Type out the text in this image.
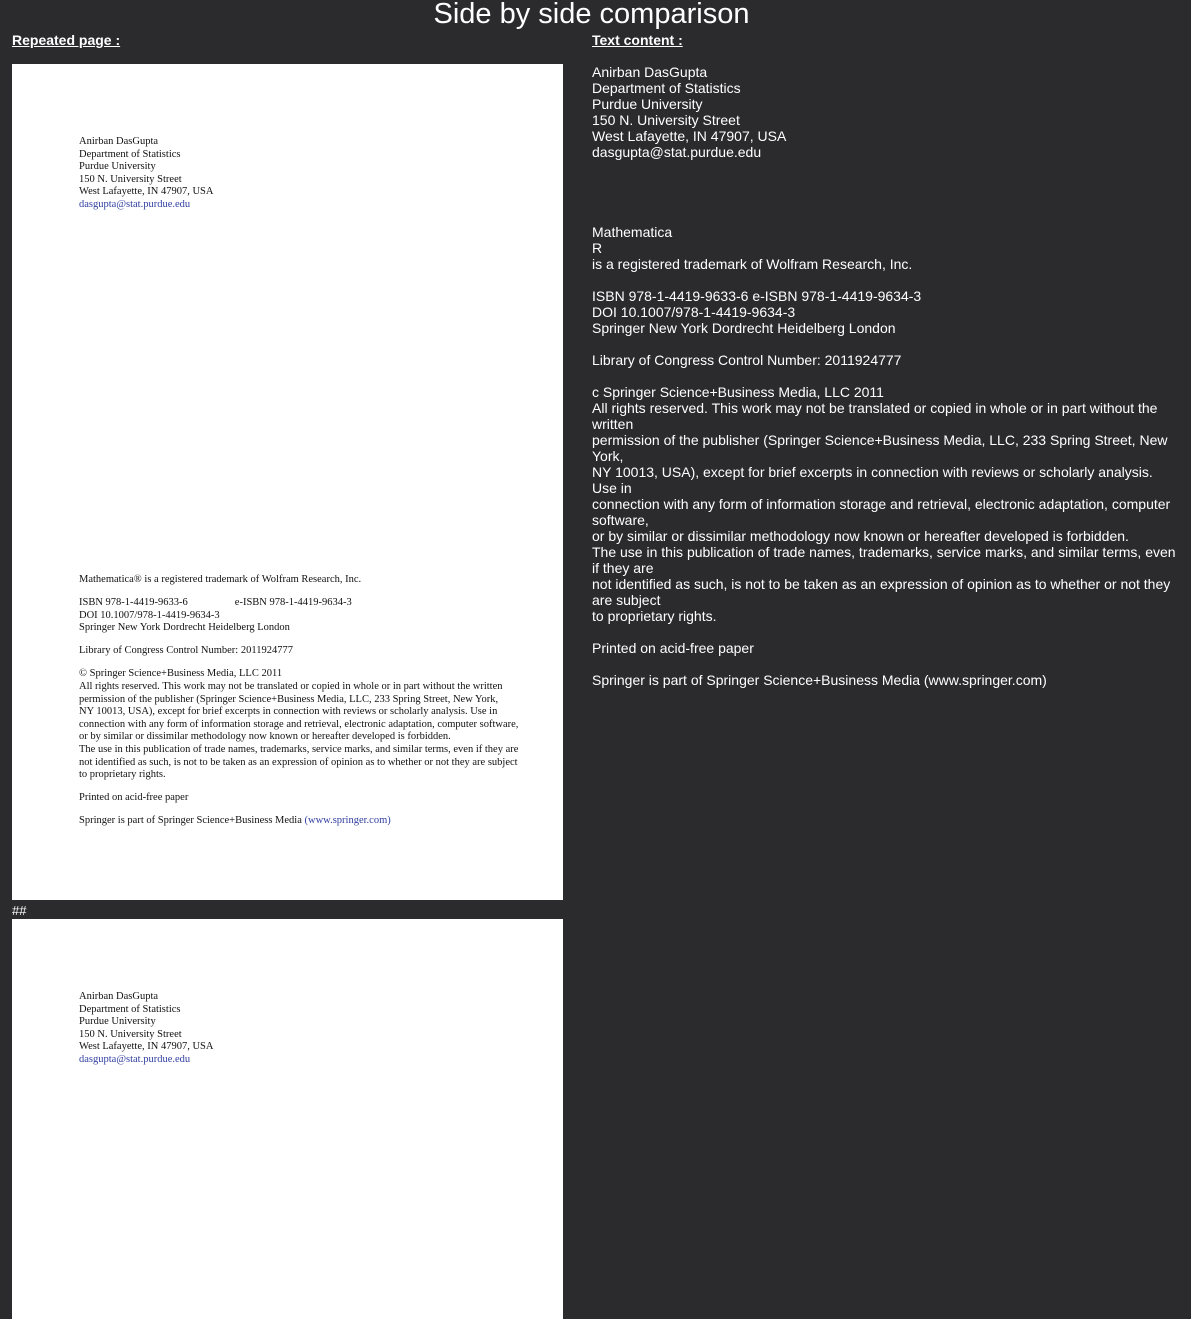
Side by side comparison
Repeated page :	Text content :
Anirban DasGupta
Department of Statistics
Purdue University
150 N. University Street
West Lafayette, IN 47907, USA
dasgupta@stat.purdue.edu
Mathematica® is a registered trademark of Wolfram Research, Inc.
ISBN 978-1-4419-9633-6	e-ISBN 978-1-4419-9634-3
DOI 10.1007/978-1-4419-9634-3
Springer New York Dordrecht Heidelberg London
Library of Congress Control Number: 2011924777
© Springer Science+Business Media, LLC 2011
All rights reserved. This work may not be translated or copied in whole or in part without the written
permission of the publisher (Springer Science+Business Media, LLC, 233 Spring Street, New York,
NY 10013, USA), except for brief excerpts in connection with reviews or scholarly analysis. Use in
connection with any form of information storage and retrieval, electronic adaptation, computer software,
or by similar or dissimilar methodology now known or hereafter developed is forbidden.
The use in this publication of trade names, trademarks, service marks, and similar terms, even if they are
not identified as such, is not to be taken as an expression of opinion as to whether or not they are subject
to proprietary rights.
Printed on acid-free paper
Springer is part of Springer Science+Business Media (www.springer.com)
##
Anirban DasGupta
Department of Statistics
Purdue University
150 N. University Street
West Lafayette, IN 47907, USA
dasgupta@stat.purdue.edu
Anirban DasGupta
Department of Statistics
Purdue University
150 N. University Street
West Lafayette, IN 47907, USA
dasgupta@stat.purdue.edu
Mathematica
R
is a registered trademark of Wolfram Research, Inc.
ISBN 978-1-4419-9633-6 e-ISBN 978-1-4419-9634-3
DOI 10.1007/978-1-4419-9634-3
Springer New York Dordrecht Heidelberg London
Library of Congress Control Number: 2011924777
c Springer Science+Business Media, LLC 2011
All rights reserved. This work may not be translated or copied in whole or in part without the written
permission of the publisher (Springer Science+Business Media, LLC, 233 Spring Street, New York,
NY 10013, USA), except for brief excerpts in connection with reviews or scholarly analysis. Use in
connection with any form of information storage and retrieval, electronic adaptation, computer software,
or by similar or dissimilar methodology now known or hereafter developed is forbidden.
The use in this publication of trade names, trademarks, service marks, and similar terms, even if they are
not identified as such, is not to be taken as an expression of opinion as to whether or not they are subject
to proprietary rights.
Printed on acid-free paper
Springer is part of Springer Science+Business Media (www.springer.com)
